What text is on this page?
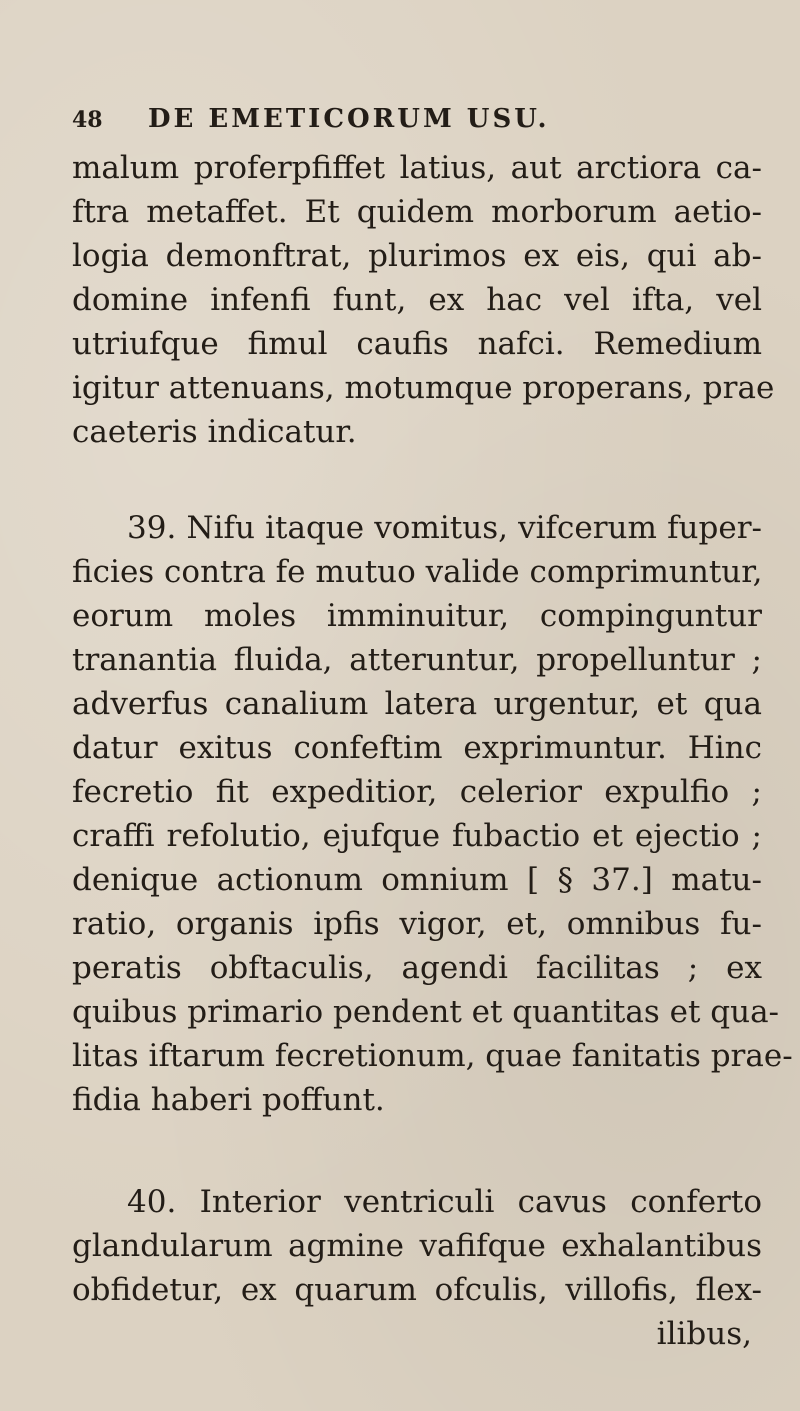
48 DE EMETICORUM USU.
malum proferpfiffet latius, aut arctiora ca-
ftra metaffet. Et quidem morborum aetio-
logia demonftrat, plurimos ex eis, qui ab-
domine infenfi funt, ex hac vel ifta, vel
utriufque fimul caufis nafci. Remedium
igitur attenuans, motumque properans, prae
caeteris indicatur.
39. Nifu itaque vomitus, vifcerum fuper-
ficies contra fe mutuo valide comprimuntur,
eorum moles imminuitur, compinguntur
tranantia fluida, atteruntur, propelluntur ;
adverfus canalium latera urgentur, et qua
datur exitus confeftim exprimuntur. Hinc
fecretio fit expeditior, celerior expulfio ;
craffi refolutio, ejufque fubactio et ejectio ;
denique actionum omnium [ § 37.] matu-
ratio, organis ipfis vigor, et, omnibus fu-
peratis obftaculis, agendi facilitas ; ex
quibus primario pendent et quantitas et qua-
litas iftarum fecretionum, quae fanitatis prae-
fidia haberi poffunt.
40. Interior ventriculi cavus conferto
glandularum agmine vafifque exhalantibus
obfidetur, ex quarum ofculis, villofis, flex-
ilibus,
